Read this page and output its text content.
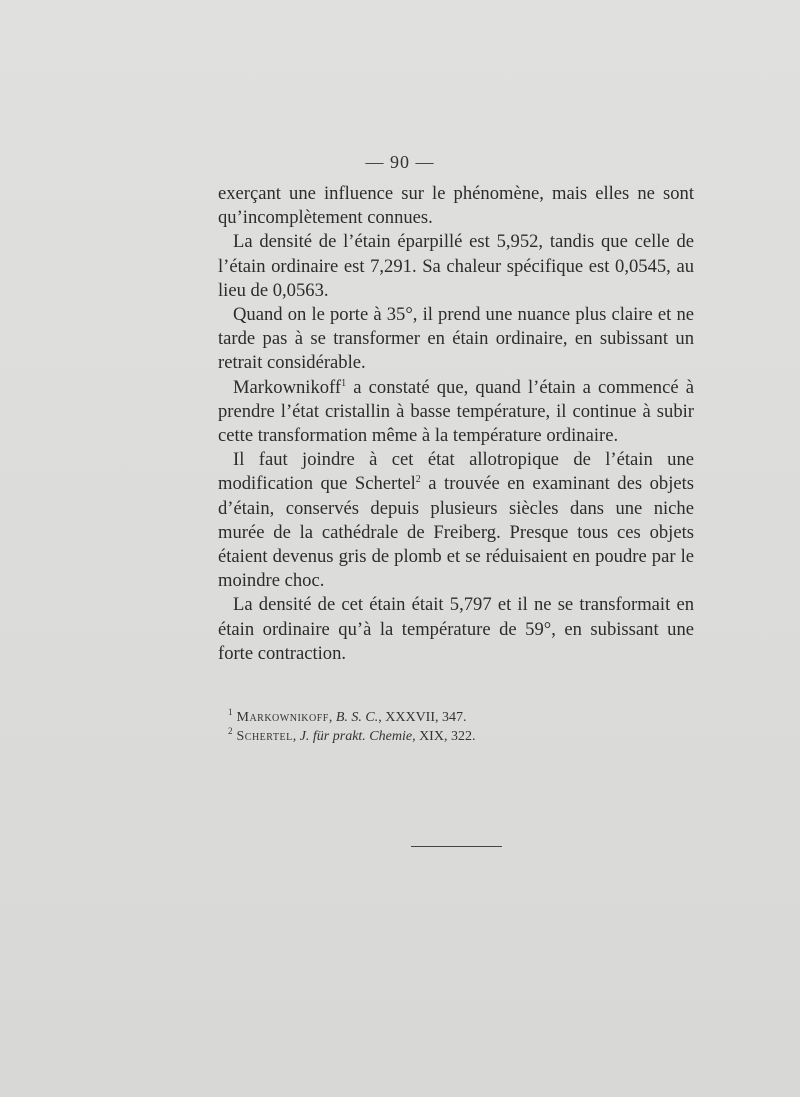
— 90 —

exerçant une influence sur le phénomène, mais elles ne sont qu’incomplètement connues.

La densité de l’étain éparpillé est 5,952, tandis que celle de l’étain ordinaire est 7,291. Sa chaleur spécifique est 0,0545, au lieu de 0,0563.

Quand on le porte à 35°, il prend une nuance plus claire et ne tarde pas à se transformer en étain ordinaire, en subissant un retrait considérable.

Markownikoff$^1$ a constaté que, quand l’étain a commencé à prendre l’état cristallin à basse température, il continue à subir cette transformation même à la température ordinaire.

Il faut joindre à cet état allotropique de l’étain une modification que Schertel$^2$ a trouvée en examinant des objets d’étain, conservés depuis plusieurs siècles dans une niche murée de la cathédrale de Freiberg. Presque tous ces objets étaient devenus gris de plomb et se réduisaient en poudre par le moindre choc.

La densité de cet étain était 5,797 et il ne se transformait en étain ordinaire qu’à la température de 59°, en subissant une forte contraction.

$^1$ Markownikoff, B. S. C., XXXVII, 347.

$^2$ Schertel, J. für prakt. Chemie, XIX, 322.
